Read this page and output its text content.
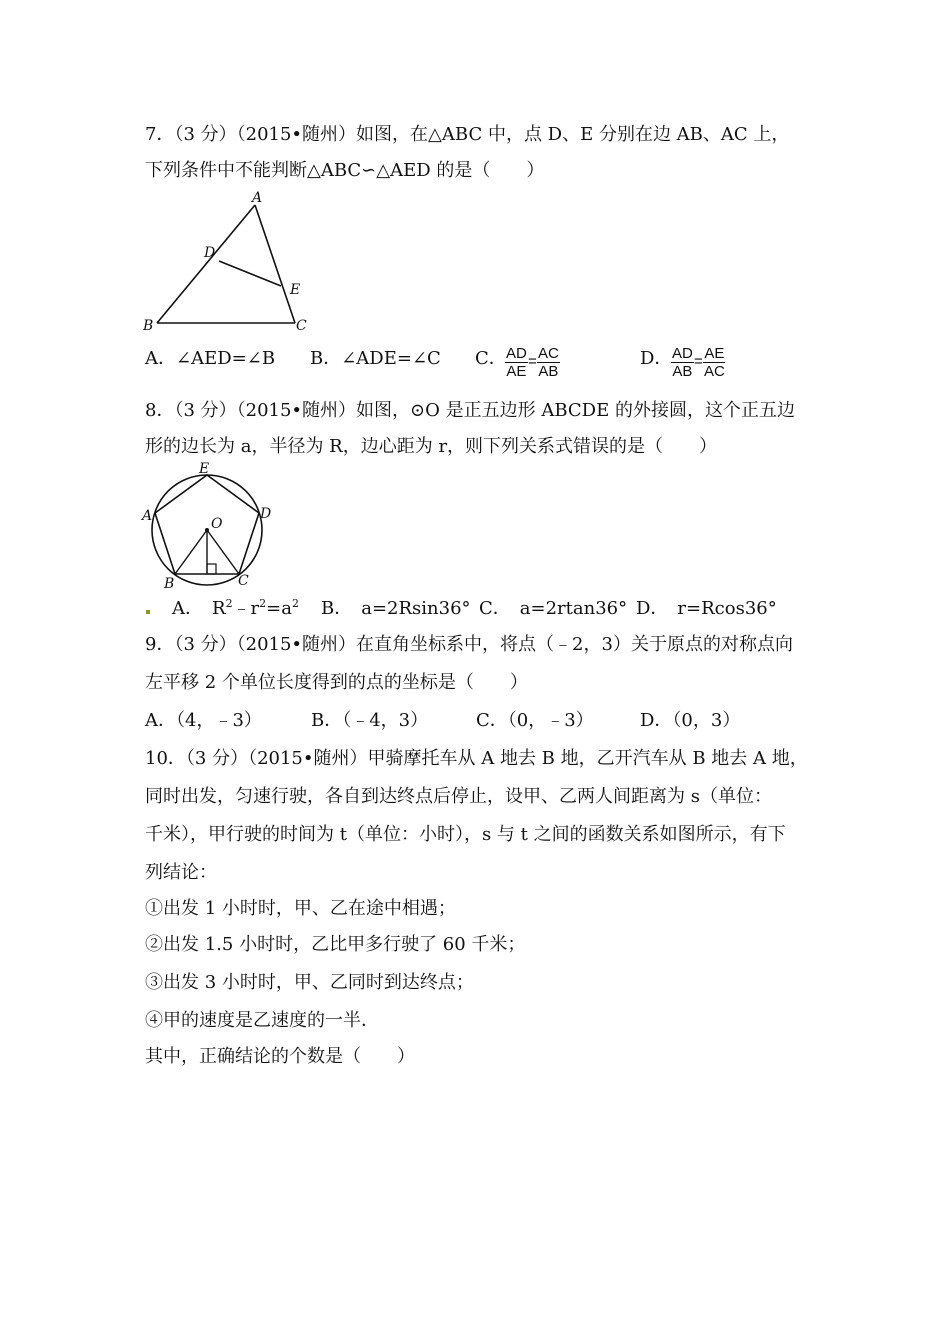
7．（3 分）（2015•随州）如图，在△ABC 中，点 D、E 分别在边 AB、AC 上，
下列条件中不能判断△ABC∽△AED 的是（　　）
A
D
E
B	C
A．∠AED=∠B B．∠ADE=∠C C．
$\frac{AD}{AE} = \frac{AC}{AB}$	D．
$\frac{AD}{AB} = \frac{AE}{AC}$
8．（3 分）（2015•随州）如图，⊙O 是正五边形 ABCDE 的外接圆，这个正五边
形的边长为 a，半径为 R，边心距为 r，则下列关系式错误的是（　　）
E
A	D
O
B	C
A．　 $R^2﹣r^2=a^2$ B．　a=2Rsin36° C．　a=2rtan36° D．　r=Rcos36°
9．（3 分）（2015•随州）在直角坐标系中，将点（﹣2，3）关于原点的对称点向
左平移 2 个单位长度得到的点的坐标是（　　）
A．（4，﹣3）	B．（﹣4，3）	C．（0，﹣3）	D．（0，3）
10．（3 分）（2015•随州）甲骑摩托车从 A 地去 B 地，乙开汽车从 B 地去 A 地，
同时出发，匀速行驶，各自到达终点后停止，设甲、乙两人间距离为 s（单位：
千米），甲行驶的时间为 t（单位：小时），s 与 t 之间的函数关系如图所示，有下
列结论：
①出发 1 小时时，甲、乙在途中相遇；
②出发 1.5 小时时，乙比甲多行驶了 60 千米；
③出发 3 小时时，甲、乙同时到达终点；
④甲的速度是乙速度的一半．
其中，正确结论的个数是（　　）
